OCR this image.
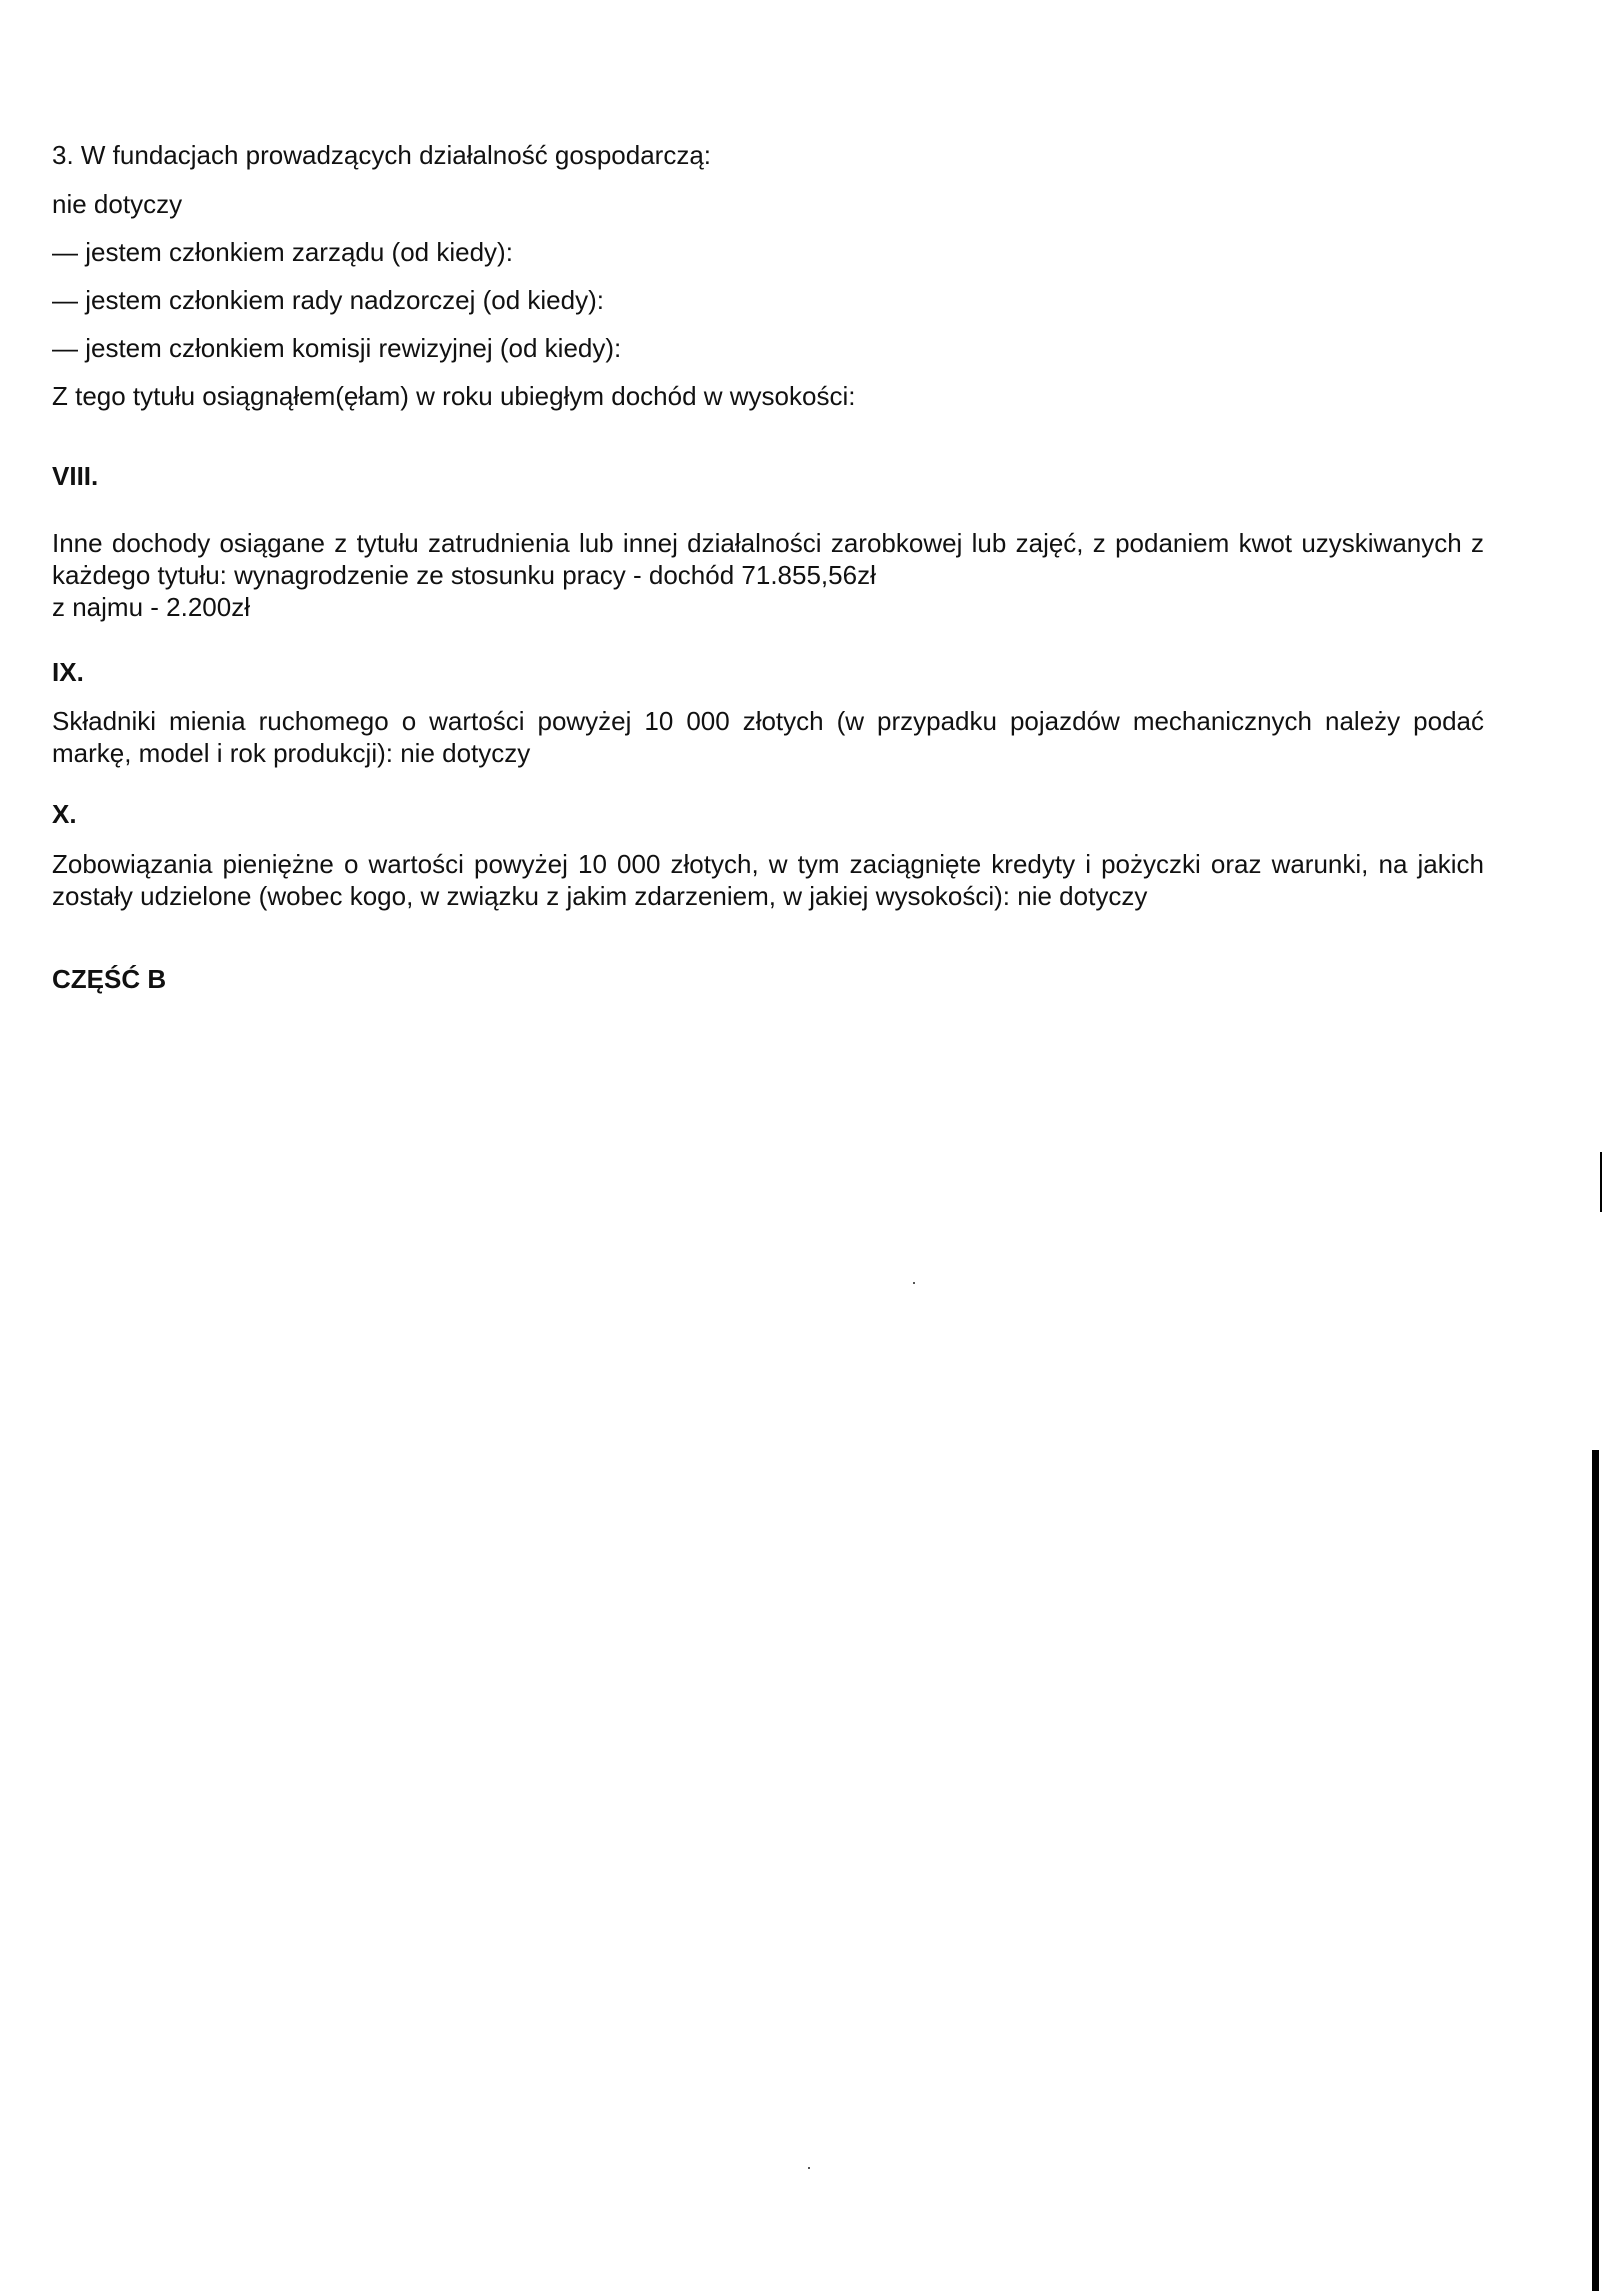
3. W fundacjach prowadzących działalność gospodarczą:
nie dotyczy
— jestem członkiem zarządu (od kiedy):
— jestem członkiem rady nadzorczej (od kiedy):
— jestem członkiem komisji rewizyjnej (od kiedy):
Z tego tytułu osiągnąłem(ęłam) w roku ubiegłym dochód w wysokości:
VIII.
Inne dochody osiągane z tytułu zatrudnienia lub innej działalności zarobkowej lub zajęć, z podaniem kwot uzyskiwanych z każdego tytułu: wynagrodzenie ze stosunku pracy - dochód 71.855,56zł
z najmu - 2.200zł
IX.
Składniki mienia ruchomego o wartości powyżej 10 000 złotych (w przypadku pojazdów mechanicznych należy podać markę, model i rok produkcji): nie dotyczy
X.
Zobowiązania pieniężne o wartości powyżej 10 000 złotych, w tym zaciągnięte kredyty i pożyczki oraz warunki, na jakich zostały udzielone (wobec kogo, w związku z jakim zdarzeniem, w jakiej wysokości): nie dotyczy
CZĘŚĆ B
